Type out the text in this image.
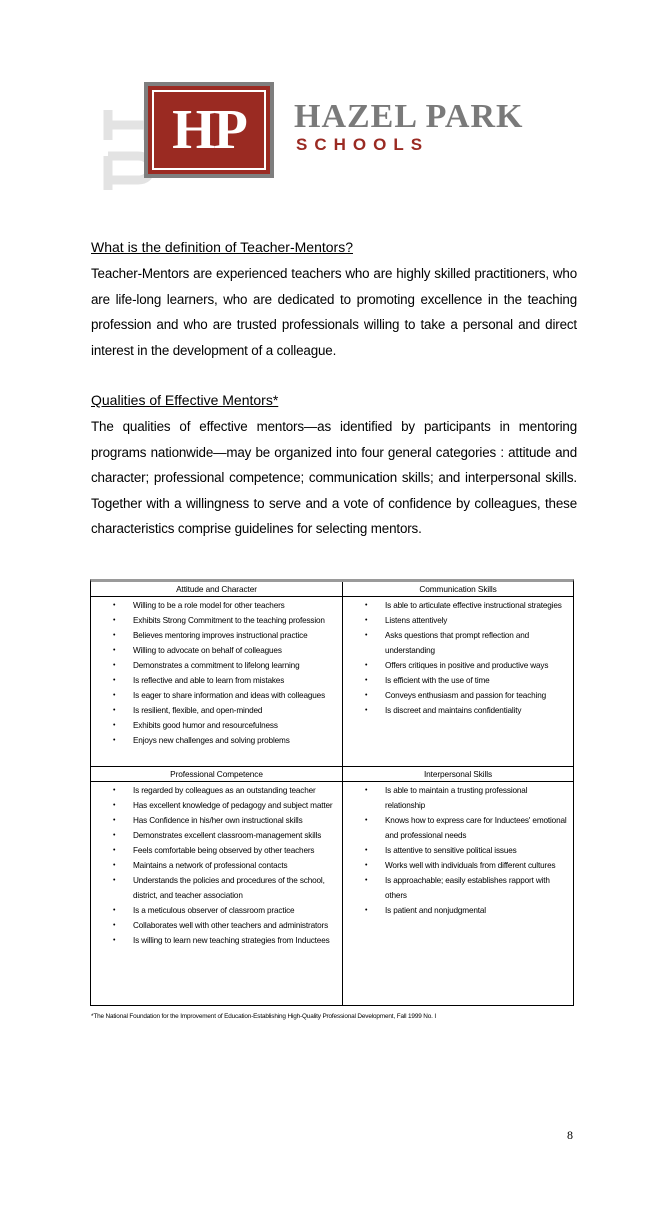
HP HAZEL PARK
SCHOOLS

What is the definition of Teacher-Mentors?

Teacher-Mentors are experienced teachers who are highly skilled practitioners, who are life-long learners, who are dedicated to promoting excellence in the teaching profession and who are trusted professionals willing to take a personal and direct interest in the development of a colleague.

Qualities of Effective Mentors*

The qualities of effective mentors—as identified by participants in mentoring programs nationwide—may be organized into four general categories : attitude and character; professional competence; communication skills; and interpersonal skills. Together with a willingness to serve and a vote of confidence by colleagues, these characteristics comprise guidelines for selecting mentors.

Attitude and Character
• Willing to be a role model for other teachers
• Exhibits Strong Commitment to the teaching profession
• Believes mentoring improves instructional practice
• Willing to advocate on behalf of colleagues
• Demonstrates a commitment to lifelong learning
• Is reflective and able to learn from mistakes
• Is eager to share information and ideas with colleagues
• Is resilient, flexible, and open-minded
• Exhibits good humor and resourcefulness
• Enjoys new challenges and solving problems
Communication Skills
• Is able to articulate effective instructional strategies
• Listens attentively
• Asks questions that prompt reflection and understanding
• Offers critiques in positive and productive ways
• Is efficient with the use of time
• Conveys enthusiasm and passion for teaching
• Is discreet and maintains confidentiality
Professional Competence
• Is regarded by colleagues as an outstanding teacher
• Has excellent knowledge of pedagogy and subject matter
• Has Confidence in his/her own instructional skills
• Demonstrates excellent classroom-management skills
• Feels comfortable being observed by other teachers
• Maintains a network of professional contacts
• Understands the policies and procedures of the school, district, and teacher association
• Is a meticulous observer of classroom practice
• Collaborates well with other teachers and administrators
• Is willing to learn new teaching strategies from Inductees
Interpersonal Skills
• Is able to maintain a trusting professional relationship
• Knows how to express care for Inductees' emotional and professional needs
• Is attentive to sensitive political issues
• Works well with individuals from different cultures
• Is approachable; easily establishes rapport with others
• Is patient and nonjudgmental
*The National Foundation for the Improvement of Education-Establishing High-Quality Professional Development, Fall 1999 No. I
8
